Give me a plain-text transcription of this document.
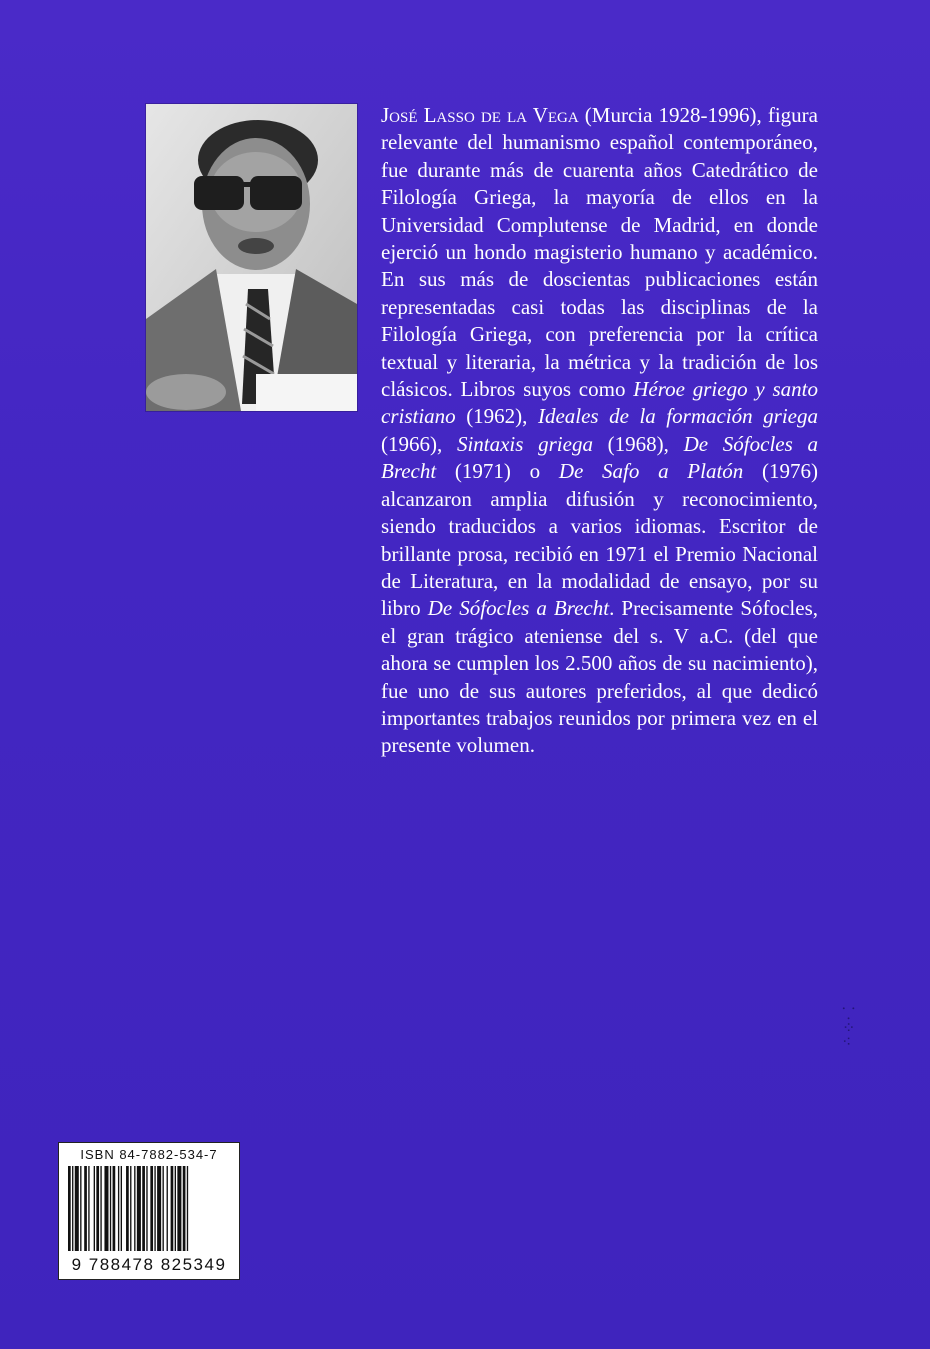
José Lasso de la Vega (Murcia 1928-1996), figura relevante del humanismo español contemporáneo, fue durante más de cuarenta años Catedrático de Filología Griega, la mayoría de ellos en la Universidad Complutense de Madrid, en donde ejerció un hondo magisterio humano y académico. En sus más de doscientas publicaciones están representadas casi todas las disciplinas de la Filología Griega, con preferencia por la crítica textual y literaria, la métrica y la tradición de los clásicos. Libros suyos como Héroe griego y santo cristiano (1962), Ideales de la formación griega (1966), Sintaxis griega (1968), De Sófocles a Brecht (1971) o De Safo a Platón (1976) alcanzaron amplia difusión y reconocimiento, siendo traducidos a varios idiomas. Escritor de brillante prosa, recibió en 1971 el Premio Nacional de Literatura, en la modalidad de ensayo, por su libro De Sófocles a Brecht. Precisamente Sófocles, el gran trágico ateniense del s. V a.C. (del que ahora se cumplen los 2.500 años de su nacimiento), fue uno de sus autores preferidos, al que dedicó importantes trabajos reunidos por primera vez en el presente volumen.

ISBN 84-7882-534-7
9 788478 825349
⸪
⁘
⁖
